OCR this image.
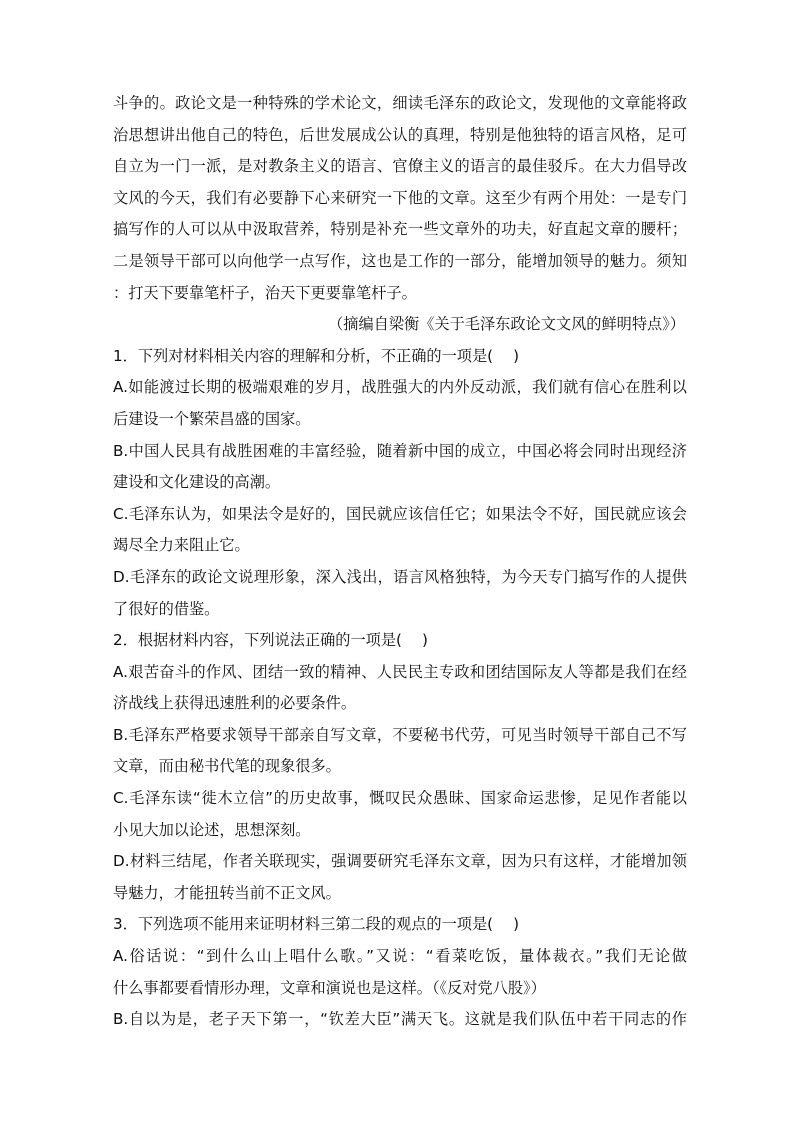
斗争的。政论文是一种特殊的学术论文，细读毛泽东的政论文，发现他的文章能将政
治思想讲出他自己的特色，后世发展成公认的真理，特别是他独特的语言风格，足可
自立为一门一派，是对教条主义的语言、官僚主义的语言的最佳驳斥。在大力倡导改
文风的今天，我们有必要静下心来研究一下他的文章。这至少有两个用处：一是专门
搞写作的人可以从中汲取营养，特别是补充一些文章外的功夫，好直起文章的腰杆；
二是领导干部可以向他学一点写作，这也是工作的一部分，能增加领导的魅力。须知
：打天下要靠笔杆子，治天下更要靠笔杆子。
（摘编自梁衡《关于毛泽东政论文文风的鲜明特点》）
1．下列对材料相关内容的理解和分析，不正确的一项是(　 )
A.如能渡过长期的极端艰难的岁月，战胜强大的内外反动派，我们就有信心在胜利以
后建设一个繁荣昌盛的国家。
B.中国人民具有战胜困难的丰富经验，随着新中国的成立，中国必将会同时出现经济
建设和文化建设的高潮。
C.毛泽东认为，如果法令是好的，国民就应该信任它；如果法令不好，国民就应该会
竭尽全力来阻止它。
D.毛泽东的政论文说理形象，深入浅出，语言风格独特，为今天专门搞写作的人提供
了很好的借鉴。
2．根据材料内容，下列说法正确的一项是(　 )
A.艰苦奋斗的作风、团结一致的精神、人民民主专政和团结国际友人等都是我们在经
济战线上获得迅速胜利的必要条件。
B.毛泽东严格要求领导干部亲自写文章，不要秘书代劳，可见当时领导干部自己不写
文章，而由秘书代笔的现象很多。
C.毛泽东读“徙木立信”的历史故事，慨叹民众愚昧、国家命运悲惨，足见作者能以
小见大加以论述，思想深刻。
D.材料三结尾，作者关联现实，强调要研究毛泽东文章，因为只有这样，才能增加领
导魅力，才能扭转当前不正文风。
3．下列选项不能用来证明材料三第二段的观点的一项是(　 )
A.俗话说：“到什么山上唱什么歌。”又说：“看菜吃饭，量体裁衣。”我们无论做
什么事都要看情形办理，文章和演说也是这样。（《反对党八股》）
B.自以为是，老子天下第一，“钦差大臣”满天飞。这就是我们队伍中若干同志的作
